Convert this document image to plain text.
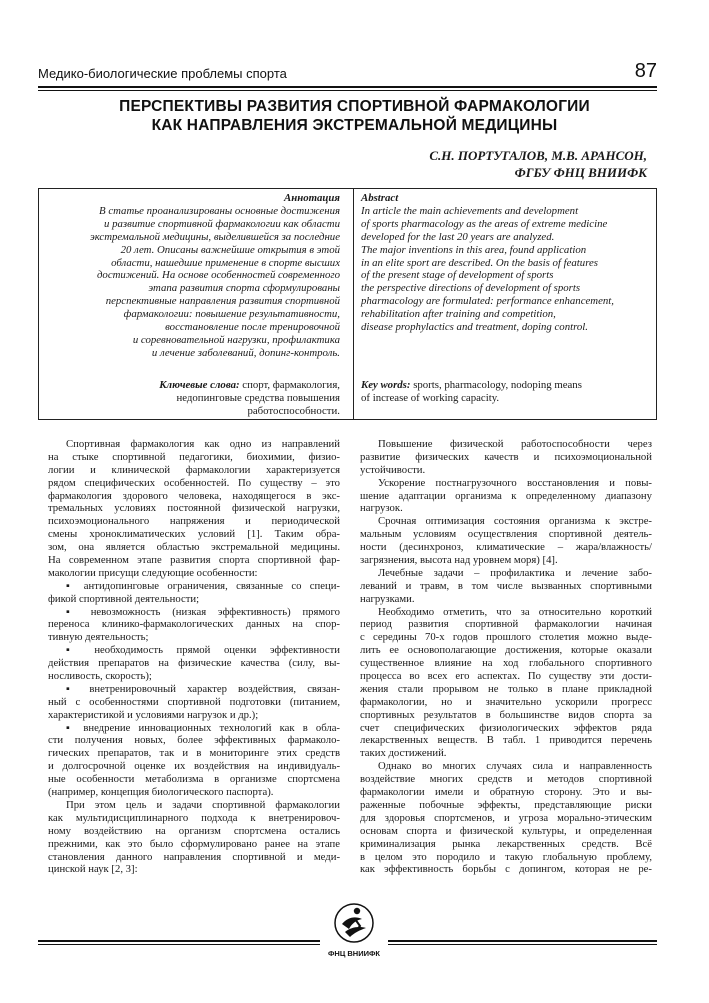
Медико-биологические проблемы спорта	87
ПЕРСПЕКТИВЫ РАЗВИТИЯ СПОРТИВНОЙ ФАРМАКОЛОГИИ
КАК НАПРАВЛЕНИЯ ЭКСТРЕМАЛЬНОЙ МЕДИЦИНЫ
С.Н. ПОРТУГАЛОВ, М.В. АРАНСОН,
ФГБУ ФНЦ ВНИИФК
Аннотация
В статье проанализированы основные достижения
и развитие спортивной фармакологии как области
экстремальной медицины, выделившейся за последние
20 лет. Описаны важнейшие открытия в этой
области, нашедшие применение в спорте высших
достижений. На основе особенностей современного
этапа развития спорта сформулированы
перспективные направления развития спортивной
фармакологии: повышение результативности,
восстановление после тренировочной
и соревновательной нагрузки, профилактика
и лечение заболеваний, допинг-контроль.
Abstract
In article the main achievements and development
of sports pharmacology as the areas of extreme medicine
developed for the last 20 years are analyzed.
The major inventions in this area, found application
in an elite sport are described. On the basis of features
of the present stage of development of sports
the perspective directions of development of sports
pharmacology are formulated: performance enhancement,
rehabilitation after training and competition,
disease prophylactics and treatment, doping control.
Ключевые слова: спорт, фармакология,
недопинговые средства повышения
работоспособности.
Key words: sports, pharmacology, nodoping means
of increase of working capacity.
Спортивная фармакология как одно из направлений
на стыке спортивной педагогики, биохимии, физио-
логии и клинической фармакологии характеризуется
рядом специфических особенностей. По существу – это
фармакология здорового человека, находящегося в экс-
тремальных условиях постоянной физической нагрузки,
психоэмоционального напряжения и периодической
смены хроноклиматических условий [1]. Таким обра-
зом, она является областью экстремальной медицины.
На современном этапе развития спорта спортивной фар-
макологии присущи следующие особенности:
▪ антидопинговые ограничения, связанные со специ-
фикой спортивной деятельности;
▪ невозможность (низкая эффективность) прямого
переноса клинико-фармакологических данных на спор-
тивную деятельность;
▪ необходимость прямой оценки эффективности
действия препаратов на физические качества (силу, вы-
носливость, скорость);
▪ внетренировочный характер воздействия, связан-
ный с особенностями спортивной подготовки (питанием,
характеристикой и условиями нагрузок и др.);
▪ внедрение инновационных технологий как в обла-
сти получения новых, более эффективных фармаколо-
гических препаратов, так и в мониторинге этих средств
и долгосрочной оценке их воздействия на индивидуаль-
ные особенности метаболизма в организме спортсмена
(например, концепция биологического паспорта).
При этом цель и задачи спортивной фармакологии
как мультидисциплинарного подхода к внетренировоч-
ному воздействию на организм спортсмена остались
прежними, как это было сформулировано ранее на этапе
становления данного направления спортивной и меди-
цинской наук [2, 3]:
Повышение физической работоспособности через
развитие физических качеств и психоэмоциональной
устойчивости.
Ускорение постнагрузочного восстановления и повы-
шение адаптации организма к определенному диапазону
нагрузок.
Срочная оптимизация состояния организма к экстре-
мальным условиям осуществления спортивной деятель-
ности (десинхроноз, климатические – жара/влажность/
загрязнения, высота над уровнем моря) [4].
Лечебные задачи – профилактика и лечение забо-
леваний и травм, в том числе вызванных спортивными
нагрузками.
Необходимо отметить, что за относительно короткий
период развития спортивной фармакологии начиная
с середины 70-х годов прошлого столетия можно выде-
лить ее основополагающие достижения, которые оказали
существенное влияние на ход глобального спортивного
процесса во всех его аспектах. По существу эти дости-
жения стали прорывом не только в плане прикладной
фармакологии, но и значительно ускорили прогресс
спортивных результатов в большинстве видов спорта за
счет специфических физиологических эффектов ряда
лекарственных веществ. В табл. 1 приводится перечень
таких достижений.
Однако во многих случаях сила и направленность
воздействие многих средств и методов спортивной
фармакологии имели и обратную сторону. Это и вы-
раженные побочные эффекты, представляющие риски
для здоровья спортсменов, и угроза морально-этическим
основам спорта и физической культуры, и определенная
криминализация рынка лекарственных средств. Всё
в целом это породило и такую глобальную проблему,
как эффективность борьбы с допингом, которая не ре-
ФНЦ ВНИИФК
